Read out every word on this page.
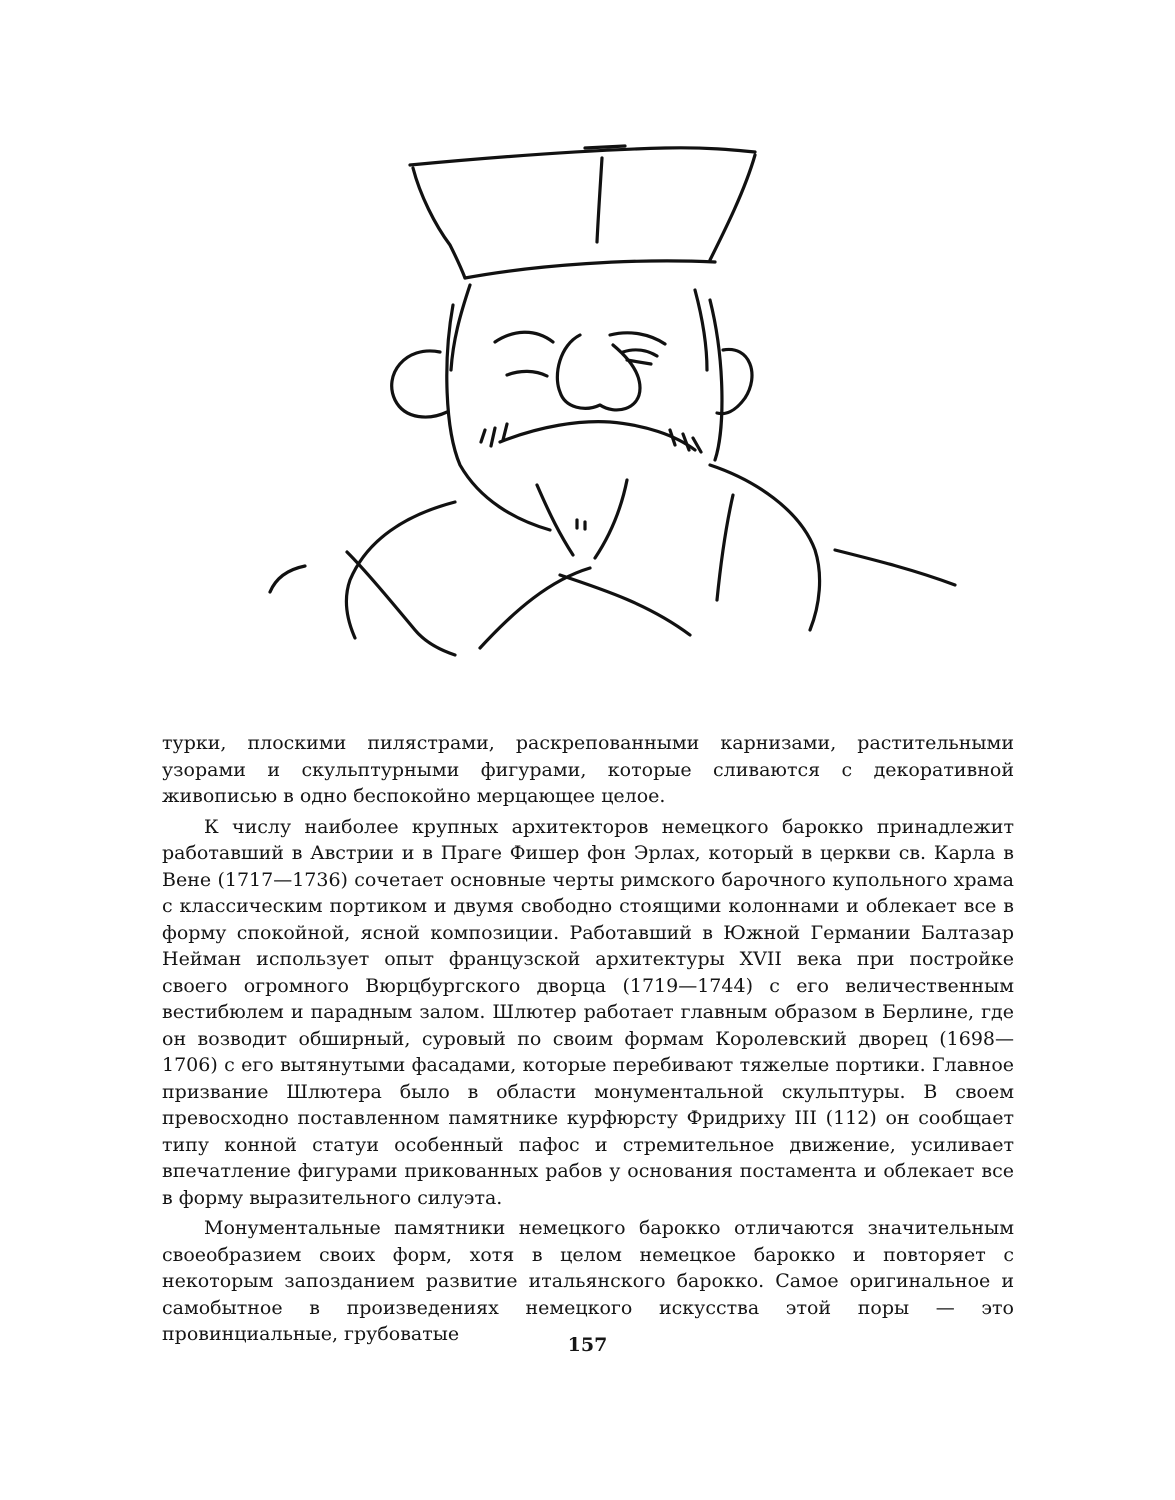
турки, плоскими пилястрами, раскрепованными карнизами, растительными узорами и скульптурными фигурами, которые сливаются с декоративной живописью в одно беспокойно мерцающее целое.

К числу наиболее крупных архитекторов немецкого барокко принадлежит работавший в Австрии и в Праге Фишер фон Эрлах, который в церкви св. Карла в Вене (1717—1736) сочетает основные черты римского барочного купольного храма с классическим портиком и двумя свободно стоящими колоннами и облекает все в форму спокойной, ясной композиции. Работавший в Южной Германии Балтазар Нейман использует опыт французской архитектуры XVII века при постройке своего огромного Вюрцбургского дворца (1719—1744) с его величественным вестибюлем и парадным залом. Шлютер работает главным образом в Берлине, где он возводит обширный, суровый по своим формам Королевский дворец (1698—1706) с его вытянутыми фасадами, которые перебивают тяжелые портики. Главное призвание Шлютера было в области монументальной скульптуры. В своем превосходно поставленном памятнике курфюрсту Фридриху III (112) он сообщает типу конной статуи особенный пафос и стремительное движение, усиливает впечатление фигурами прикованных рабов у основания постамента и облекает все в форму выразительного силуэта.

Монументальные памятники немецкого барокко отличаются значительным своеобразием своих форм, хотя в целом немецкое барокко и повторяет с некоторым запозданием развитие итальянского барокко. Самое оригинальное и самобытное в произведениях немецкого искусства этой поры — это провинциальные, грубоватые	157
